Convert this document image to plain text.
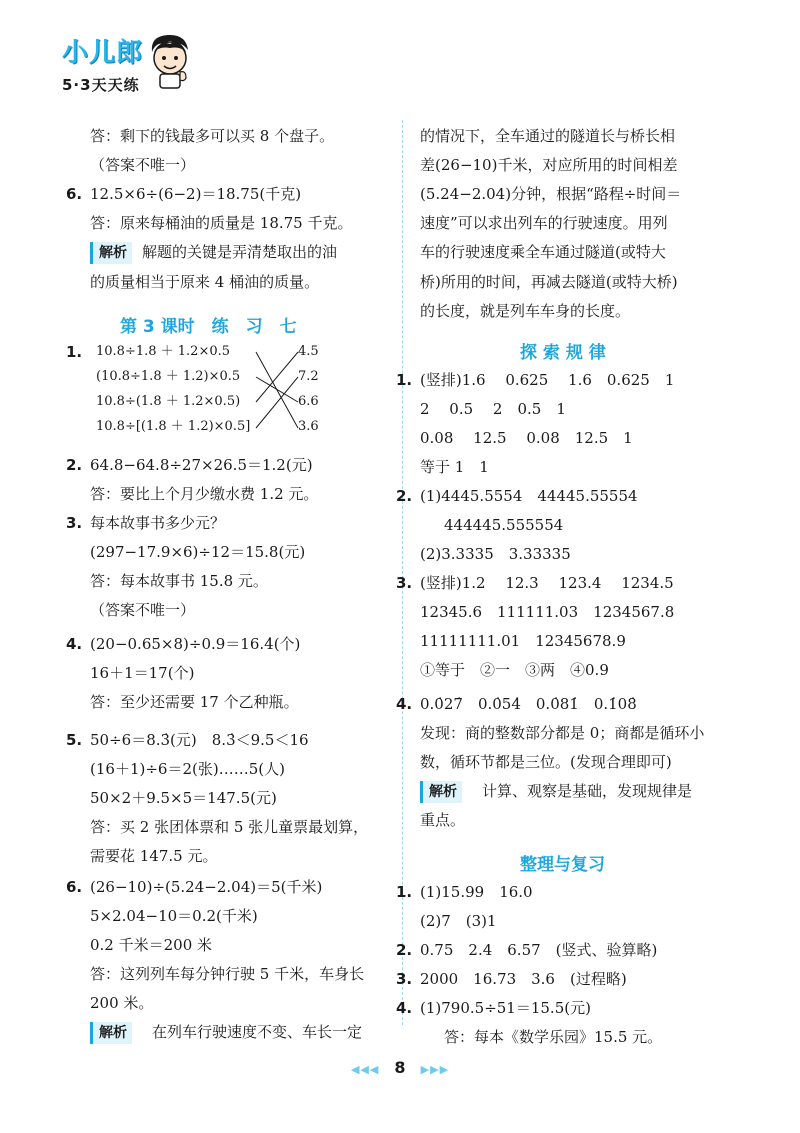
小儿郎
5·3天天练
答：剩下的钱最多可以买 8 个盘子。
（答案不唯一）
6. 12.5×6÷(6−2)＝18.75(千克)
答：原来每桶油的质量是 18.75 千克。
解析	解题的关键是弄清楚取出的油
的质量相当于原来 4 桶油的质量。
第 3 课时　练　习　七
1. 10.8÷1.8 ＋ 1.2×0.5
(10.8÷1.8 ＋ 1.2)×0.5
10.8÷(1.8 ＋ 1.2×0.5)
10.8÷[(1.8 ＋ 1.2)×0.5]
4.5
7.2
6.6
3.6
2. 64.8−64.8÷27×26.5＝1.2(元)
答：要比上个月少缴水费 1.2 元。
3. 每本故事书多少元？
(297−17.9×6)÷12＝15.8(元)
答：每本故事书 15.8 元。
（答案不唯一）
4. (20−0.65×8)÷0.9＝16.4̇(个)
16＋1＝17(个)
答：至少还需要 17 个乙种瓶。
5. 50÷6＝8.3̇(元)　8.3̇＜9.5＜16
(16＋1)÷6＝2(张)……5(人)
50×2＋9.5×5＝147.5(元)
答：买 2 张团体票和 5 张儿童票最划算，
需要花 147.5 元。
6. (26−10)÷(5.24−2.04)＝5(千米)
5×2.04−10＝0.2(千米)
0.2 千米＝200 米
答：这列列车每分钟行驶 5 千米，车身长
200 米。
解析	在列车行驶速度不变、车长一定
的情况下，全车通过的隧道长与桥长相
差(26−10)千米，对应所用的时间相差
(5.24−2.04)分钟，根据“路程÷时间＝
速度”可以求出列车的行驶速度。用列
车的行驶速度乘全车通过隧道(或特大
桥)所用的时间，再减去隧道(或特大桥)
的长度，就是列车车身的长度。
探 索 规 律
1. (竖排)1.6　 0.625　 1.6　0.625　1
2　 0.5　 2　0.5　1
0.08　 12.5　 0.08　12.5　1
等于 1　1
2. (1)4445.5554　44445.55554
444445.555554
(2)3.3335　3.33335
3. (竖排)1.2　 12.3　 123.4　 1234.5
12345.6　111111.03　1234567.8
11111111.01　12345678.9
①等于　②一　③两　④0.9
4. 0.0̇27̇　0.0̇54̇　0.0̇81̇　0.1̇08̇
发现：商的整数部分都是 0；商都是循环小
数，循环节都是三位。(发现合理即可)
解析	计算、观察是基础，发现规律是
重点。
整理与复习
1. (1)15.99　16.0
(2)7　(3)1
2. 0.75　2.4　6.57　(竖式、验算略)
3. 2000　16.73　3.6　(过程略)
4. (1)790.5÷51＝15.5(元)
答：每本《数学乐园》15.5 元。
◀◀◀ 8 ▶▶▶
